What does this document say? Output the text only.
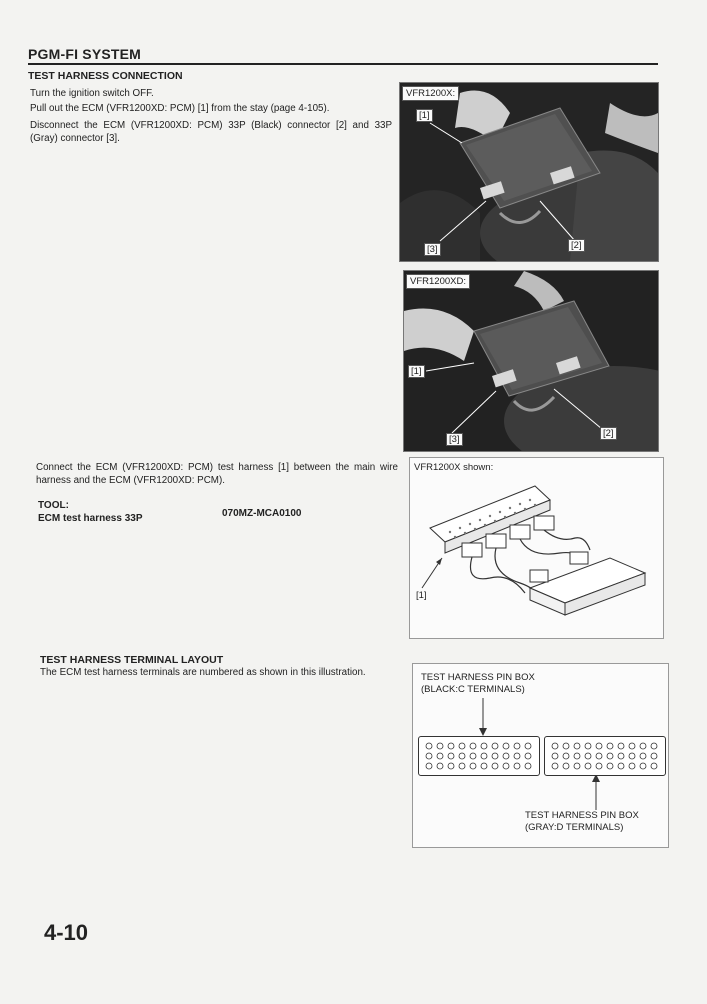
PGM-FI SYSTEM
TEST HARNESS CONNECTION
Turn the ignition switch OFF.
Pull out the ECM (VFR1200XD: PCM) [1] from the stay (page 4-105).
Disconnect the ECM (VFR1200XD: PCM) 33P (Black) connector [2] and 33P (Gray) connector [3].
VFR1200X:
[1]
[3]	[2]
VFR1200XD:
[1]
[3]
[2]
Connect the ECM (VFR1200XD: PCM) test harness [1] between the main wire harness and the ECM (VFR1200XD: PCM).
TOOL:
ECM test harness 33P	070MZ-MCA0100
VFR1200X shown:
[1]
TEST HARNESS TERMINAL LAYOUT
The ECM test harness terminals are numbered as shown in this illustration.	TEST HARNESS PIN BOX
(BLACK:C TERMINALS)
TEST HARNESS PIN BOX
(GRAY:D TERMINALS)
4-10
